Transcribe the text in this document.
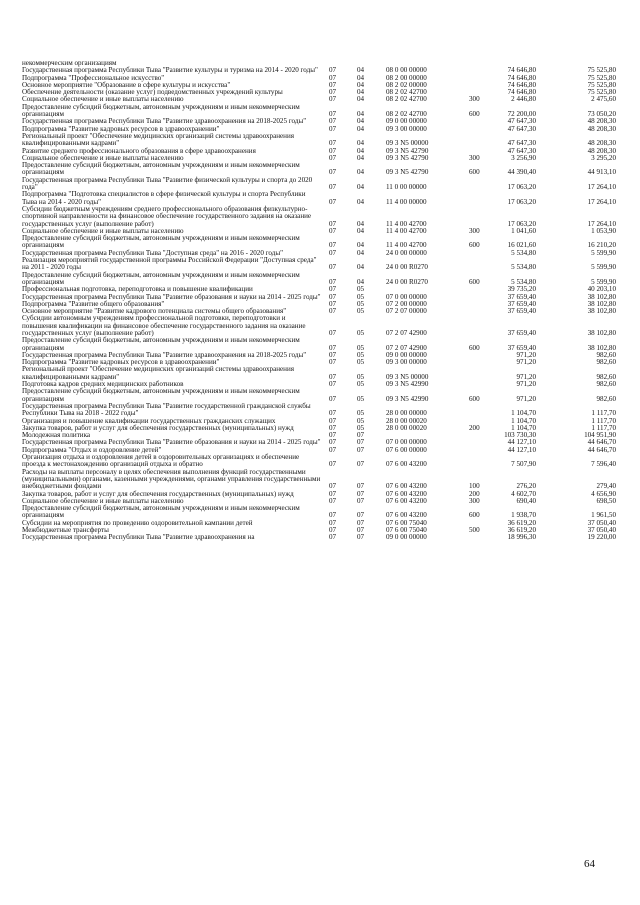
некоммерческим организациям
Государственная программа Республики Тыва "Развитие культуры и туризма на 2014 - 2020 годы"	07	04	08 0 00 00000	74 646,80	75 525,80
Подпрограмма "Профессиональное искусство"	07	04	08 2 00 00000	74 646,80	75 525,80
Основное мероприятие "Образование в сфере культуры и искусства"	07	04	08 2 02 00000	74 646,80	75 525,80
Обеспечение деятельности (оказание услуг) подведомственных учреждений культуры	07	04	08 2 02 42700	74 646,80	75 525,80
Социальное обеспечение и иные выплаты населению	07	04	08 2 02 42700	300	2 446,80	2 475,60
Предоставление субсидий бюджетным, автономным учреждениям и иным некоммерческим организациям	07	04	08 2 02 42700	600	72 200,00	73 050,20
Государственная программа Республики Тыва "Развитие здравоохранения на 2018-2025 годы"	07	04	09 0 00 00000	47 647,30	48 208,30
Подпрограмма "Развитие кадровых ресурсов в здравоохранении"	07	04	09 3 00 00000	47 647,30	48 208,30
Региональный проект "Обеспечение медицинских организаций системы здравоохранения квалифицированными кадрами"	07	04	09 3 N5 00000	47 647,30	48 208,30
Развитие среднего профессионального образования в сфере здравоохранения	07	04	09 3 N5 42790	47 647,30	48 208,30
Социальное обеспечение и иные выплаты населению	07	04	09 3 N5 42790	300	3 256,90	3 295,20
Предоставление субсидий бюджетным, автономным учреждениям и иным некоммерческим организациям	07	04	09 3 N5 42790	600	44 390,40	44 913,10
Государственная программа Республики Тыва "Развитие физической культуры и спорта до 2020 года"	07	04	11 0 00 00000	17 063,20	17 264,10
Подпрограмма "Подготовка специалистов в сфере физической культуры и спорта Республики Тыва на 2014 - 2020 годы"	07	04	11 4 00 00000	17 063,20	17 264,10
Субсидии бюджетным учреждениям среднего профессионального образования физкультурно-спортивной направленности на финансовое обеспечение государственного задания на оказание государственных услуг (выполнение работ)	07	04	11 4 00 42700	17 063,20	17 264,10
Социальное обеспечение и иные выплаты населению	07	04	11 4 00 42700	300	1 041,60	1 053,90
Предоставление субсидий бюджетным, автономным учреждениям и иным некоммерческим организациям	07	04	11 4 00 42700	600	16 021,60	16 210,20
Государственная программа Республики Тыва "Доступная среда" на 2016 - 2020 годы"	07	04	24 0 00 00000	5 534,80	5 599,90
Реализация мероприятий государственной программы Российской Федерации "Доступная среда" на 2011 - 2020 годы	07	04	24 0 00 R0270	5 534,80	5 599,90
Предоставление субсидий бюджетным, автономным учреждениям и иным некоммерческим организациям	07	04	24 0 00 R0270	600	5 534,80	5 599,90
Профессиональная подготовка, переподготовка и повышение квалификации	07	05	39 735,20	40 203,10
Государственная программа Республики Тыва "Развитие образования и науки на 2014 - 2025 годы" 07	05	07 0 00 00000	37 659,40	38 102,80
Подпрограмма "Развитие общего образования"	07	05	07 2 00 00000	37 659,40	38 102,80
Основное мероприятие "Развитие кадрового потенциала системы общего образования"	07	05	07 2 07 00000	37 659,40	38 102,80
Субсидии автономным учреждениям профессиональной подготовки, переподготовки и повышения квалификации на финансовое обеспечение государственного задания на оказание государственных услуг (выполнение работ)	07	05	07 2 07 42900	37 659,40	38 102,80
Предоставление субсидий бюджетным, автономным учреждениям и иным некоммерческим организациям	07	05	07 2 07 42900	600	37 659,40	38 102,80
Государственная программа Республики Тыва "Развитие здравоохранения на 2018-2025 годы"	07	05	09 0 00 00000	971,20	982,60
Подпрограмма "Развитие кадровых ресурсов в здравоохранении"	07	05	09 3 00 00000	971,20	982,60
Региональный проект "Обеспечение медицинских организаций системы здравоохранения квалифицированными кадрами"	07	05	09 3 N5 00000	971,20	982,60
Подготовка кадров средних медицинских работников	07	05	09 3 N5 42990	971,20	982,60
Предоставление субсидий бюджетным, автономным учреждениям и иным некоммерческим организациям	07	05	09 3 N5 42990	600	971,20	982,60
Государственная программа Республики Тыва "Развитие государственной гражданской службы Республики Тыва на 2018 - 2022 годы"	07	05	28 0 00 00000	1 104,70	1 117,70
Организация и повышение квалификации государственных гражданских служащих	07	05	28 0 00 00020	1 104,70	1 117,70
Закупка товаров, работ и услуг для обеспечения государственных (муниципальных) нужд	07	05	28 0 00 00020	200	1 104,70	1 117,70
Молодежная политика	07	07	103 730,30	104 951,90
Государственная программа Республики Тыва "Развитие образования и науки на 2014 - 2025 годы" 07	07	07 0 00 00000	44 127,10	44 646,70
Подпрограмма "Отдых и оздоровление детей"	07	07	07 6 00 00000	44 127,10	44 646,70
Организация отдыха и оздоровления детей в оздоровительных организациях и обеспечение проезда к местонахождению организаций отдыха и обратно	07	07	07 6 00 43200	7 507,90	7 596,40
Расходы на выплаты персоналу в целях обеспечения выполнения функций государственными (муниципальными) органами, казенными учреждениями, органами управления государственными внебюджетными фондами	07	07	07 6 00 43200	100	276,20	279,40
Закупка товаров, работ и услуг для обеспечения государственных (муниципальных) нужд	07	07	07 6 00 43200	200	4 602,70	4 656,90
Социальное обеспечение и иные выплаты населению	07	07	07 6 00 43200	300	690,40	698,50
Предоставление субсидий бюджетным, автономным учреждениям и иным некоммерческим организациям	07	07	07 6 00 43200	600	1 938,70	1 961,50
Субсидии на мероприятия по проведению оздоровительной кампании детей	07	07	07 6 00 75040	36 619,20	37 050,40
Межбюджетные трансферты	07	07	07 6 00 75040	500	36 619,20	37 050,40
Государственная программа Республики Тыва "Развитие здравоохранения на	07	07	09 0 00 00000	18 996,30	19 220,00
64
